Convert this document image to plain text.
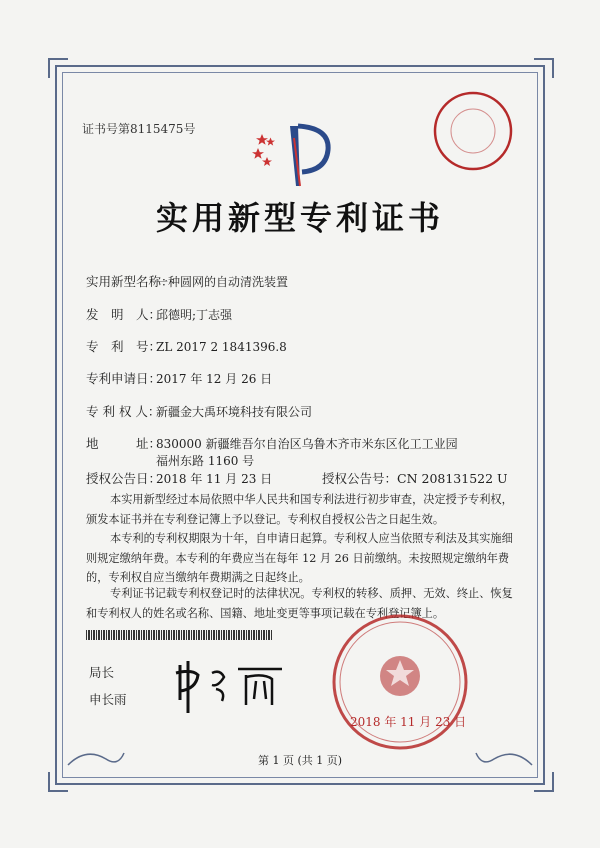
证书号第8115475号
实用新型专利证书
实用新型名称：一种圆网的自动清洗装置
发　明　人：邱德明;丁志强
专　利　号：ZL 2017 2 1841396.8
专利申请日：2017 年 12 月 26 日
专 利 权 人：新疆金大禹环境科技有限公司
地　　　址：830000 新疆维吾尔自治区乌鲁木齐市米东区化工工业园
福州东路 1160 号
授权公告日：2018 年 11 月 23 日	授权公告号：CN 208131522 U

本实用新型经过本局依照中华人民共和国专利法进行初步审查，决定授予专利权，颁发本证书并在专利登记簿上予以登记。专利权自授权公告之日起生效。

本专利的专利权期限为十年，自申请日起算。专利权人应当依照专利法及其实施细则规定缴纳年费。本专利的年费应当在每年 12 月 26 日前缴纳。未按照规定缴纳年费的，专利权自应当缴纳年费期满之日起终止。

专利证书记载专利权登记时的法律状况。专利权的转移、质押、无效、终止、恢复和专利权人的姓名或名称、国籍、地址变更等事项记载在专利登记簿上。

局长
申长雨
2018 年 11 月 23 日
第 1 页 (共 1 页)
